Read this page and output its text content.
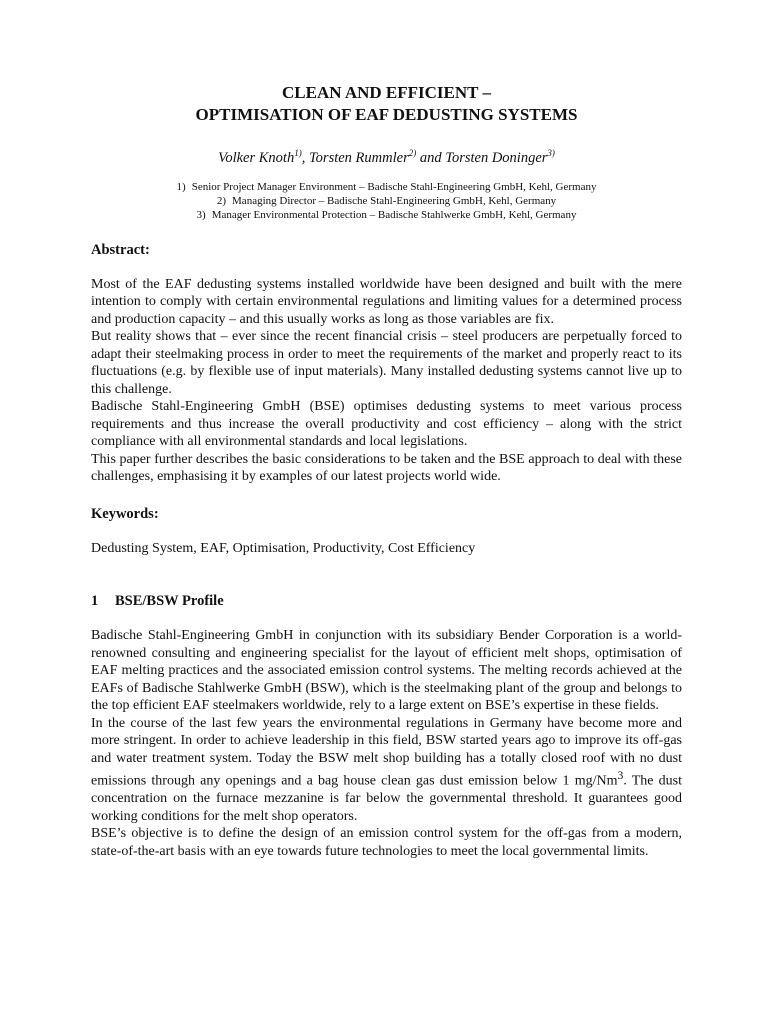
CLEAN AND EFFICIENT –
OPTIMISATION OF EAF DEDUSTING SYSTEMS
Volker Knoth$^{1)}$, Torsten Rummler$^{2)}$ and Torsten Doninger$^{3)}$
1) Senior Project Manager Environment – Badische Stahl-Engineering GmbH, Kehl, Germany
2) Managing Director – Badische Stahl-Engineering GmbH, Kehl, Germany
3) Manager Environmental Protection – Badische Stahlwerke GmbH, Kehl, Germany
Abstract:

Most of the EAF dedusting systems installed worldwide have been designed and built with the mere intention to comply with certain environmental regulations and limiting values for a determined process and production capacity – and this usually works as long as those variables are fix.

But reality shows that – ever since the recent financial crisis – steel producers are perpetually forced to adapt their steelmaking process in order to meet the requirements of the market and properly react to its fluctuations (e.g. by flexible use of input materials). Many installed dedusting systems cannot live up to this challenge.

Badische Stahl-Engineering GmbH (BSE) optimises dedusting systems to meet various process requirements and thus increase the overall productivity and cost efficiency – along with the strict compliance with all environmental standards and local legislations.

This paper further describes the basic considerations to be taken and the BSE approach to deal with these challenges, emphasising it by examples of our latest projects world wide.

Keywords:

Dedusting System, EAF, Optimisation, Productivity, Cost Efficiency

1 BSE/BSW Profile

Badische Stahl-Engineering GmbH in conjunction with its subsidiary Bender Corporation is a world-renowned consulting and engineering specialist for the layout of efficient melt shops, optimisation of EAF melting practices and the associated emission control systems. The melting records achieved at the EAFs of Badische Stahlwerke GmbH (BSW), which is the steelmaking plant of the group and belongs to the top efficient EAF steelmakers worldwide, rely to a large extent on BSE’s expertise in these fields.

In the course of the last few years the environmental regulations in Germany have become more and more stringent. In order to achieve leadership in this field, BSW started years ago to improve its off-gas and water treatment system. Today the BSW melt shop building has a totally closed roof with no dust emissions through any openings and a bag house clean gas dust emission below 1 mg/Nm$^3$. The dust concentration on the furnace mezzanine is far below the governmental threshold. It guarantees good working conditions for the melt shop operators.

BSE’s objective is to define the design of an emission control system for the off-gas from a modern, state-of-the-art basis with an eye towards future technologies to meet the local governmental limits.
